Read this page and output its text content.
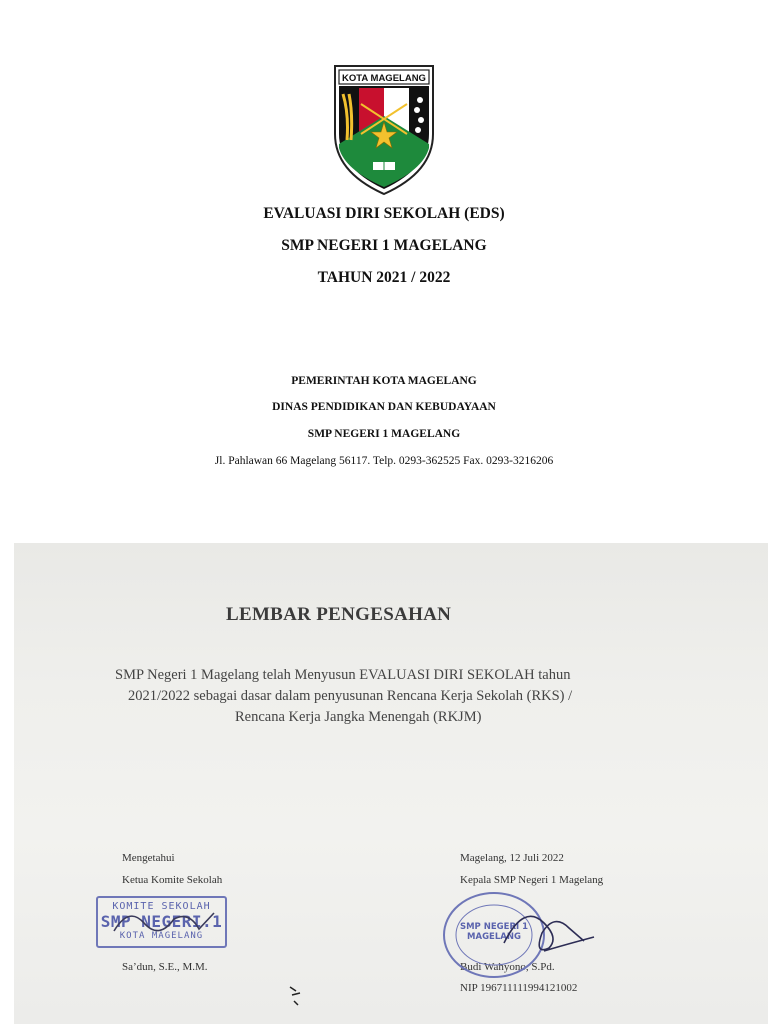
KOTA MAGELANG
EVALUASI DIRI SEKOLAH (EDS)
SMP NEGERI 1 MAGELANG
TAHUN 2021 / 2022
PEMERINTAH KOTA MAGELANG
DINAS PENDIDIKAN DAN KEBUDAYAAN
SMP NEGERI 1 MAGELANG
Jl. Pahlawan 66 Magelang 56117. Telp. 0293-362525 Fax. 0293-3216206
LEMBAR PENGESAHAN
SMP Negeri 1 Magelang telah Menyusun EVALUASI DIRI SEKOLAH tahun
2021/2022 sebagai dasar dalam penyusunan Rencana Kerja Sekolah (RKS) /
Rencana Kerja Jangka Menengah (RKJM)
Mengetahui
Ketua Komite Sekolah
Sa’dun, S.E., M.M.
Magelang, 12 Juli 2022
Kepala SMP Negeri 1 Magelang
Budi Wahyono, S.Pd.
NIP 196711111994121002
KOMITE SEKOLAH
SMP NEGERI.1
KOTA MAGELANG
SMP NEGERI 1
MAGELANG
